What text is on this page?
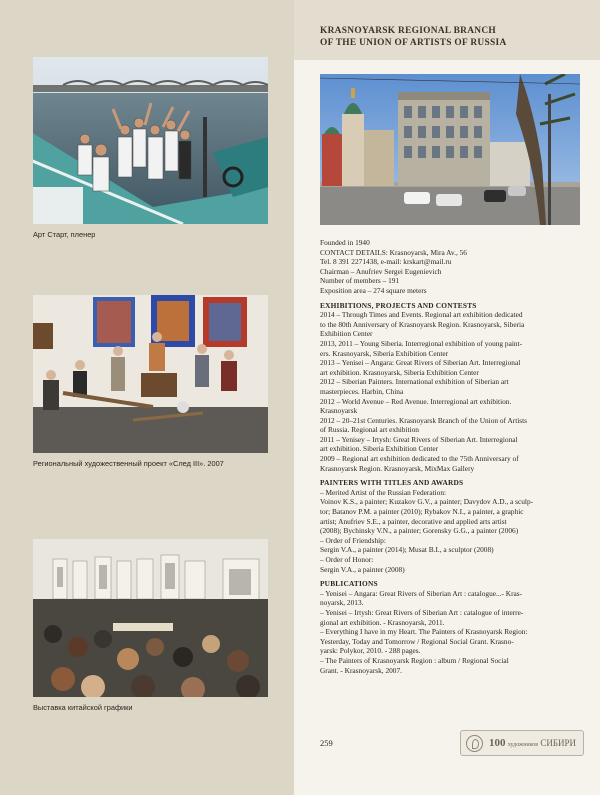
Арт Старт, пленер
Региональный художественный проект «След III». 2007
Выставка китайской графики
KRASNOYARSK REGIONAL BRANCH
OF THE UNION OF ARTISTS OF RUSSIA
Founded in 1940
CONTACT DETAILS: Krasnoyarsk, Mira Av., 56
Tel. 8 391 2271438, e-mail: krskart@mail.ru
Chairman – Anufriev Sergei Eugenievich
Number of members – 191
Exposition area – 274 square meters
EXHIBITIONS, PROJECTS AND CONTESTS
2014 – Through Times and Events. Regional art exhibition dedicated
to the 80th Anniversary of Krasnoyarsk Region. Krasnoyarsk, Siberia
Exhibition Center
2013, 2011 – Young Siberia. Interregional exhibition of young paint-
ers. Krasnoyarsk, Siberia Exhibition Center
2013 – Yenisei – Angara: Great Rivers of Siberian Art. Interregional
art exhibition. Krasnoyarsk, Siberia Exhibition Center
2012 – Siberian Painters. International exhibition of Siberian art
masterpieces. Harbin, China
2012 – World Avenue – Red Avenue. Interregional art exhibition.
Krasnoyarsk
2012 – 20–21st Centuries. Krasnoyarsk Branch of the Union of Artists
of Russia. Regional art exhibition
2011 – Yenisey – Irtysh: Great Rivers of Siberian Art. Interregional
art exhibition. Siberia Exhibition Center
2009 – Regional art exhibition dedicated to the 75th Anniversary of
Krasnoyarsk Region. Krasnoyarsk, MixMax Gallery
PAINTERS WITH TITLES AND AWARDS
– Merited Artist of the Russian Federation:
Voinov K.S., a painter; Kuzakov G.V., a painter; Davydov A.D., a sculp-
tor; Batanov P.M. a painter (2010); Rybakov N.I., a painter, a graphic
artist; Anufriev S.E., a painter, decorative and applied arts artist
(2008); Bychinsky V.N., a painter; Gorensky G.G., a painter (2006)
– Order of Friendship:
Sergin V.A., a painter (2014); Musat B.I., a sculptor (2008)
– Order of Honor:
Sergin V.A., a painter (2008)
PUBLICATIONS
– Yenisei – Angara: Great Rivers of Siberian Art : catalogue...- Kras-
noyarsk, 2013.
– Yenisei – Irtysh: Great Rivers of Siberian Art : catalogue of interre-
gional art exhibition. - Krasnoyarsk, 2011.
– Everything I have in my Heart. The Painters of Krasnoyarsk Region:
Yesterday, Today and Tomorrow / Regional Social Grant. Krasno-
yarsk: Polykor, 2010. - 288 pages.
– The Painters of Krasnoyarsk Region : album / Regional Social
Grant. - Krasnoyarsk, 2007.
259	100 художников СИБИРИ
